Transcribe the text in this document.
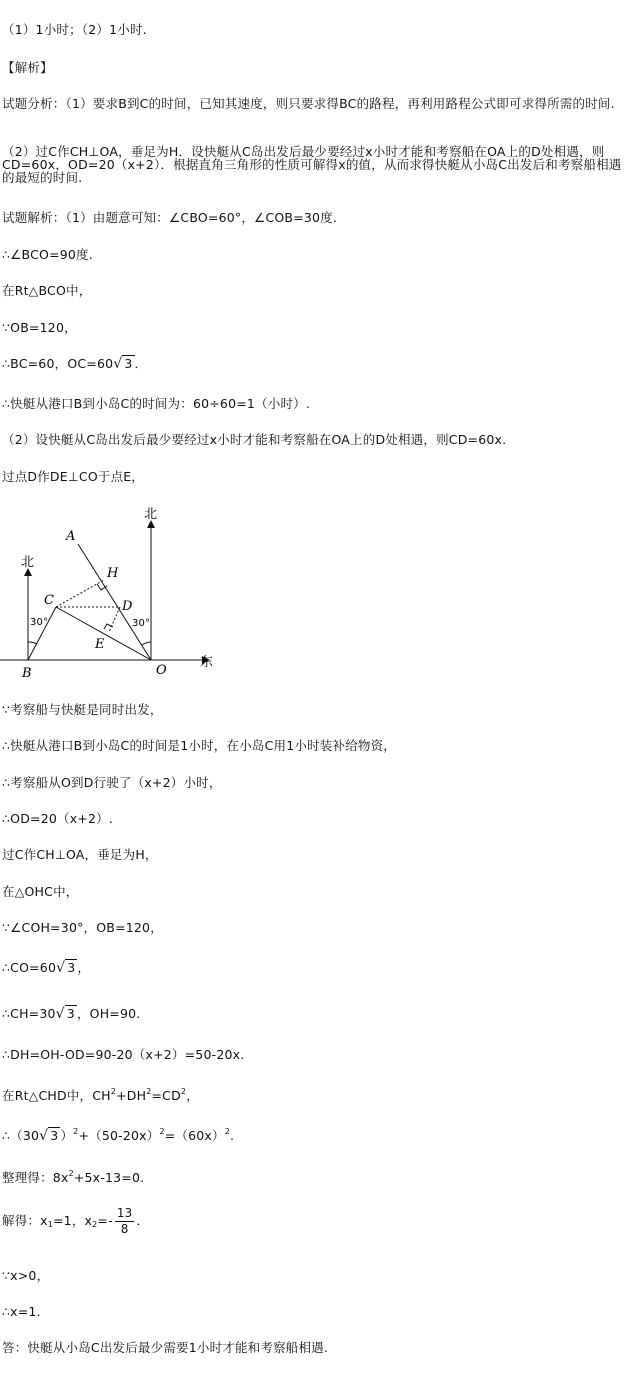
（1）1小时；（2）1小时.
【解析】
试题分析：（1）要求B到C的时间，已知其速度，则只要求得BC的路程，再利用路程公式即可求得所需的时间.
（2）过C作CH⊥OA，垂足为H．设快艇从C岛出发后最少要经过x小时才能和考察船在OA上的D处相遇，则CD=60x，OD=20（x+2）．根据直角三角形的性质可解得x的值，从而求得快艇从小岛C出发后和考察船相遇的最短的时间.
试题解析：（1）由题意可知：∠CBO=60°，∠COB=30度.
∴∠BCO=90度.
在Rt△BCO中，
∵OB=120，
∴BC=60，OC=60√ 3 ．
∴快艇从港口B到小岛C的时间为：60÷60=1（小时）.
（2）设快艇从C岛出发后最少要经过x小时才能和考察船在OA上的D处相遇，则CD=60x.
过点D作DE⊥CO于点E，
东
北
北
30°	30°
A
B
C	D
E
H
O
∵考察船与快艇是同时出发，
∴快艇从港口B到小岛C的时间是1小时，在小岛C用1小时装补给物资，
∴考察船从O到D行驶了（x+2）小时，
∴OD=20（x+2）.
过C作CH⊥OA，垂足为H，
在△OHC中，
∵∠COH=30°，OB=120，
∴CO=60√ 3 ，
∴CH=30√ 3 ，OH=90.
∴DH=OH-OD=90-20（x+2）=50-20x.
在Rt△CHD中，$CH^2+DH^2=CD^2$，
∴（30√ 3 ）$^2+(50-20x)^2=(60x)^2$.
整理得：$8x^2+5x-13=0$.
解得：$x_1=1$，$x_2=- \frac{13}{8}$ ．
∵x>0，
∴x=1.
答：快艇从小岛C出发后最少需要1小时才能和考察船相遇.
